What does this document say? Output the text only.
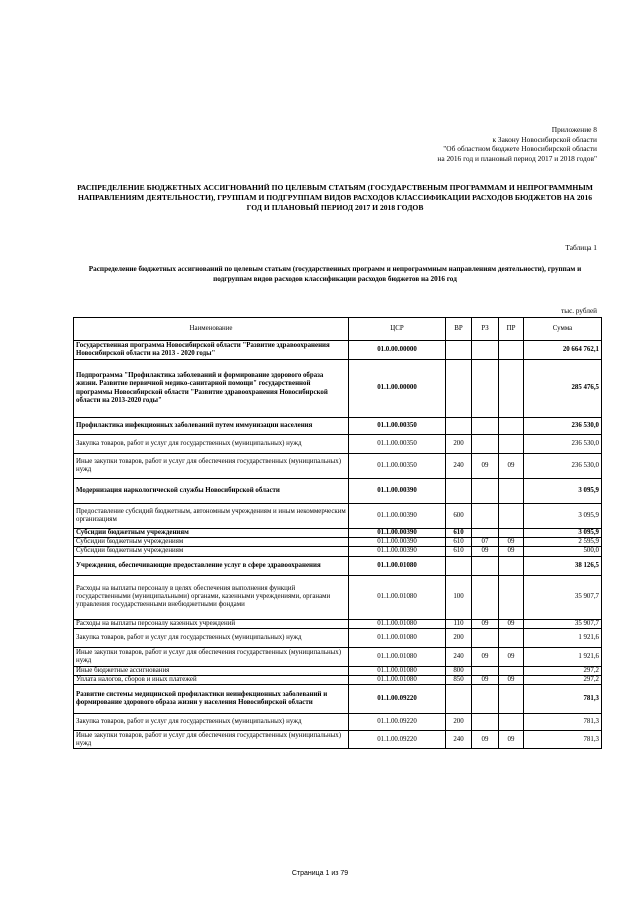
Приложение 8
к Закону Новосибирской области
"Об областном бюджете Новосибирской области
на 2016 год и плановый период 2017 и 2018 годов"
РАСПРЕДЕЛЕНИЕ БЮДЖЕТНЫХ АССИГНОВАНИЙ ПО ЦЕЛЕВЫМ СТАТЬЯМ (ГОСУДАРСТВЕНЫМ ПРОГРАММАМ И НЕПРОГРАММНЫМ НАПРАВЛЕНИЯМ ДЕЯТЕЛЬНОСТИ), ГРУППАМ И ПОДГРУППАМ ВИДОВ РАСХОДОВ КЛАССИФИКАЦИИ РАСХОДОВ БЮДЖЕТОВ НА 2016 ГОД И ПЛАНОВЫЙ ПЕРИОД 2017 И 2018 ГОДОВ
Таблица 1
Распределение бюджетных ассигнований по целевым статьям (государственных программ и непрограммным направлениям деятельности), группам и подгруппам видов расходов классификации расходов бюджетов на 2016 год
тыс. рублей
Наименование	ЦСР	ВР	РЗ	ПР	Сумма
Государственная программа Новосибирской области "Развитие здравоохранения Новосибирской области на 2013 - 2020 годы"	01.0.00.00000				20 664 762,1
Подпрограмма "Профилактика заболеваний и формирование здорового образа жизни. Развитие первичной медико-санитарной помощи" государственной программы Новосибирской области "Развитие здравоохранения Новосибирской области на 2013-2020 годы"	01.1.00.00000				285 476,5
Профилактика инфекционных заболеваний путем иммунизации населения	01.1.00.00350				236 530,0
Закупка товаров, работ и услуг для государственных (муниципальных) нужд	01.1.00.00350	200			236 530,0
Иные закупки товаров, работ и услуг для обеспечения государственных (муниципальных) нужд	01.1.00.00350	240	09	09	236 530,0
Модернизация наркологической службы Новосибирской области	01.1.00.00390				3 095,9
Предоставление субсидий бюджетным, автономным учреждениям и иным некоммерческим организациям	01.1.00.00390	600			3 095,9
Субсидии бюджетным учреждениям	01.1.00.00390	610			3 095,9
Субсидии бюджетным учреждениям	01.1.00.00390	610	07	09	2 595,9
Субсидии бюджетным учреждениям	01.1.00.00390	610	09	09	500,0
Учреждения, обеспечивающие предоставление услуг в сфере здравоохранения	01.1.00.01080				38 126,5
Расходы на выплаты персоналу в целях обеспечения выполнения функций государственными (муниципальными) органами, казенными учреждениями, органами управления государственными внебюджетными фондами	01.1.00.01080	100			35 907,7
Расходы на выплаты персоналу казенных учреждений	01.1.00.01080	110	09	09	35 907,7
Закупка товаров, работ и услуг для государственных (муниципальных) нужд	01.1.00.01080	200			1 921,6
Иные закупки товаров, работ и услуг для обеспечения государственных (муниципальных) нужд	01.1.00.01080	240	09	09	1 921,6
Иные бюджетные ассигнования	01.1.00.01080	800			297,2
Уплата налогов, сборов и иных платежей	01.1.00.01080	850	09	09	297,2
Развитие системы медицинской профилактики неинфекционных заболеваний и формирование здорового образа жизни у населения Новосибирской области	01.1.00.09220				781,3
Закупка товаров, работ и услуг для государственных (муниципальных) нужд	01.1.00.09220	200			781,3
Иные закупки товаров, работ и услуг для обеспечения государственных (муниципальных) нужд	01.1.00.09220	240	09	09	781,3
Страница 1 из 79
